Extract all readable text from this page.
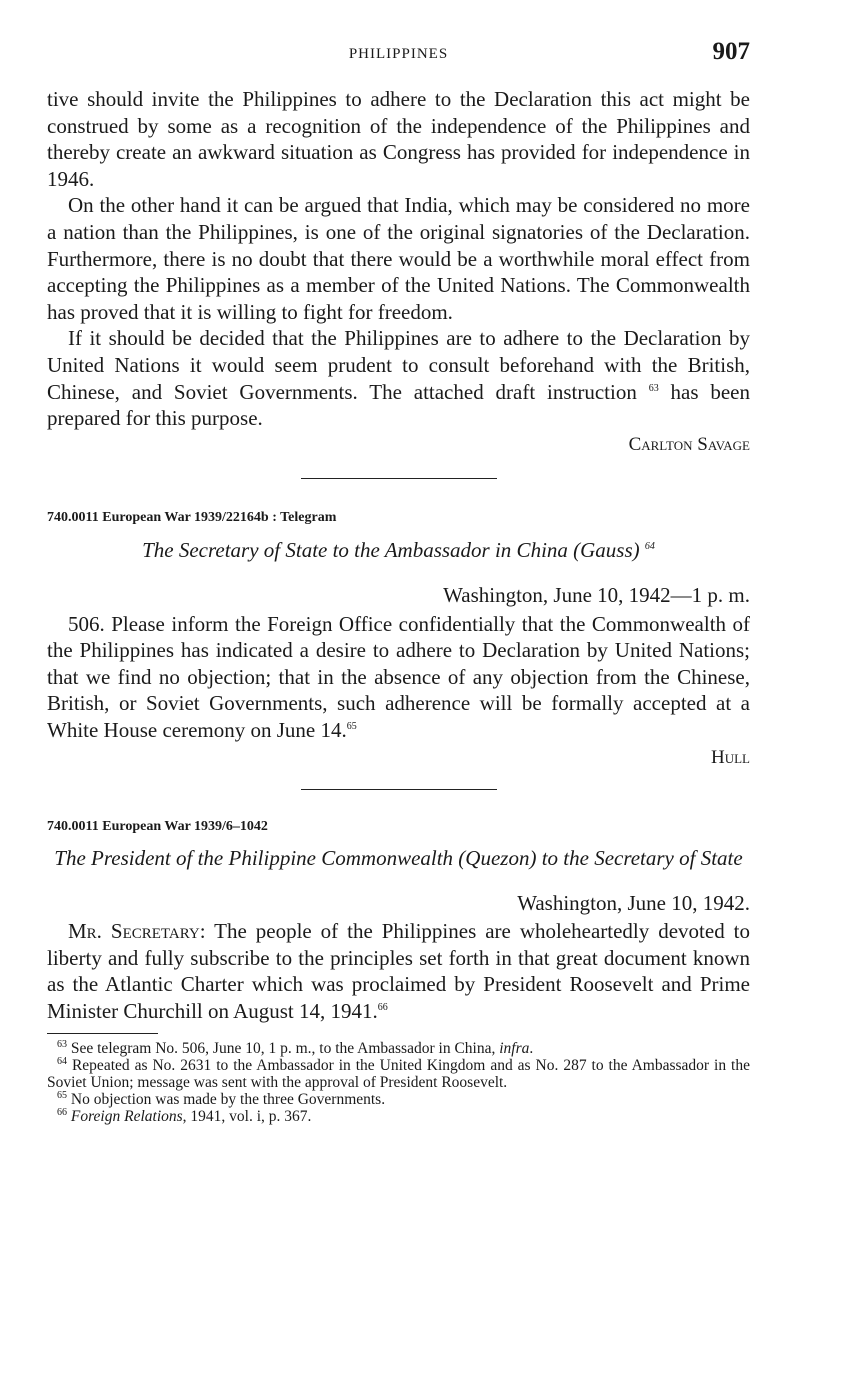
PHILIPPINES	907

tive should invite the Philippines to adhere to the Declaration this act might be construed by some as a recognition of the independence of the Philippines and thereby create an awkward situation as Congress has provided for independence in 1946.

On the other hand it can be argued that India, which may be considered no more a nation than the Philippines, is one of the original signatories of the Declaration. Furthermore, there is no doubt that there would be a worthwhile moral effect from accepting the Philippines as a member of the United Nations. The Commonwealth has proved that it is willing to fight for freedom.

If it should be decided that the Philippines are to adhere to the Declaration by United Nations it would seem prudent to consult beforehand with the British, Chinese, and Soviet Governments. The attached draft instruction $^{63}$ has been prepared for this purpose.

Carlton Savage
740.0011 European War 1939/22164b : Telegram
The Secretary of State to the Ambassador in China (Gauss) $^{64}$
Washington, June 10, 1942—1 p. m.

506. Please inform the Foreign Office confidentially that the Commonwealth of the Philippines has indicated a desire to adhere to Declaration by United Nations; that we find no objection; that in the absence of any objection from the Chinese, British, or Soviet Governments, such adherence will be formally accepted at a White House ceremony on June 14.65

Hull
740.0011 European War 1939/6–1042
The President of the Philippine Commonwealth (Quezon) to the Secretary of State
Washington, June 10, 1942.

Mr. Secretary: The people of the Philippines are wholeheartedly devoted to liberty and fully subscribe to the principles set forth in that great document known as the Atlantic Charter which was proclaimed by President Roosevelt and Prime Minister Churchill on August 14, 1941.66

$^{63}$ See telegram No. 506, June 10, 1 p. m., to the Ambassador in China, infra.

$^{64}$ Repeated as No. 2631 to the Ambassador in the United Kingdom and as No. 287 to the Ambassador in the Soviet Union; message was sent with the approval of President Roosevelt.

$^{65}$ No objection was made by the three Governments.

$^{66}$ Foreign Relations, 1941, vol. i, p. 367.
